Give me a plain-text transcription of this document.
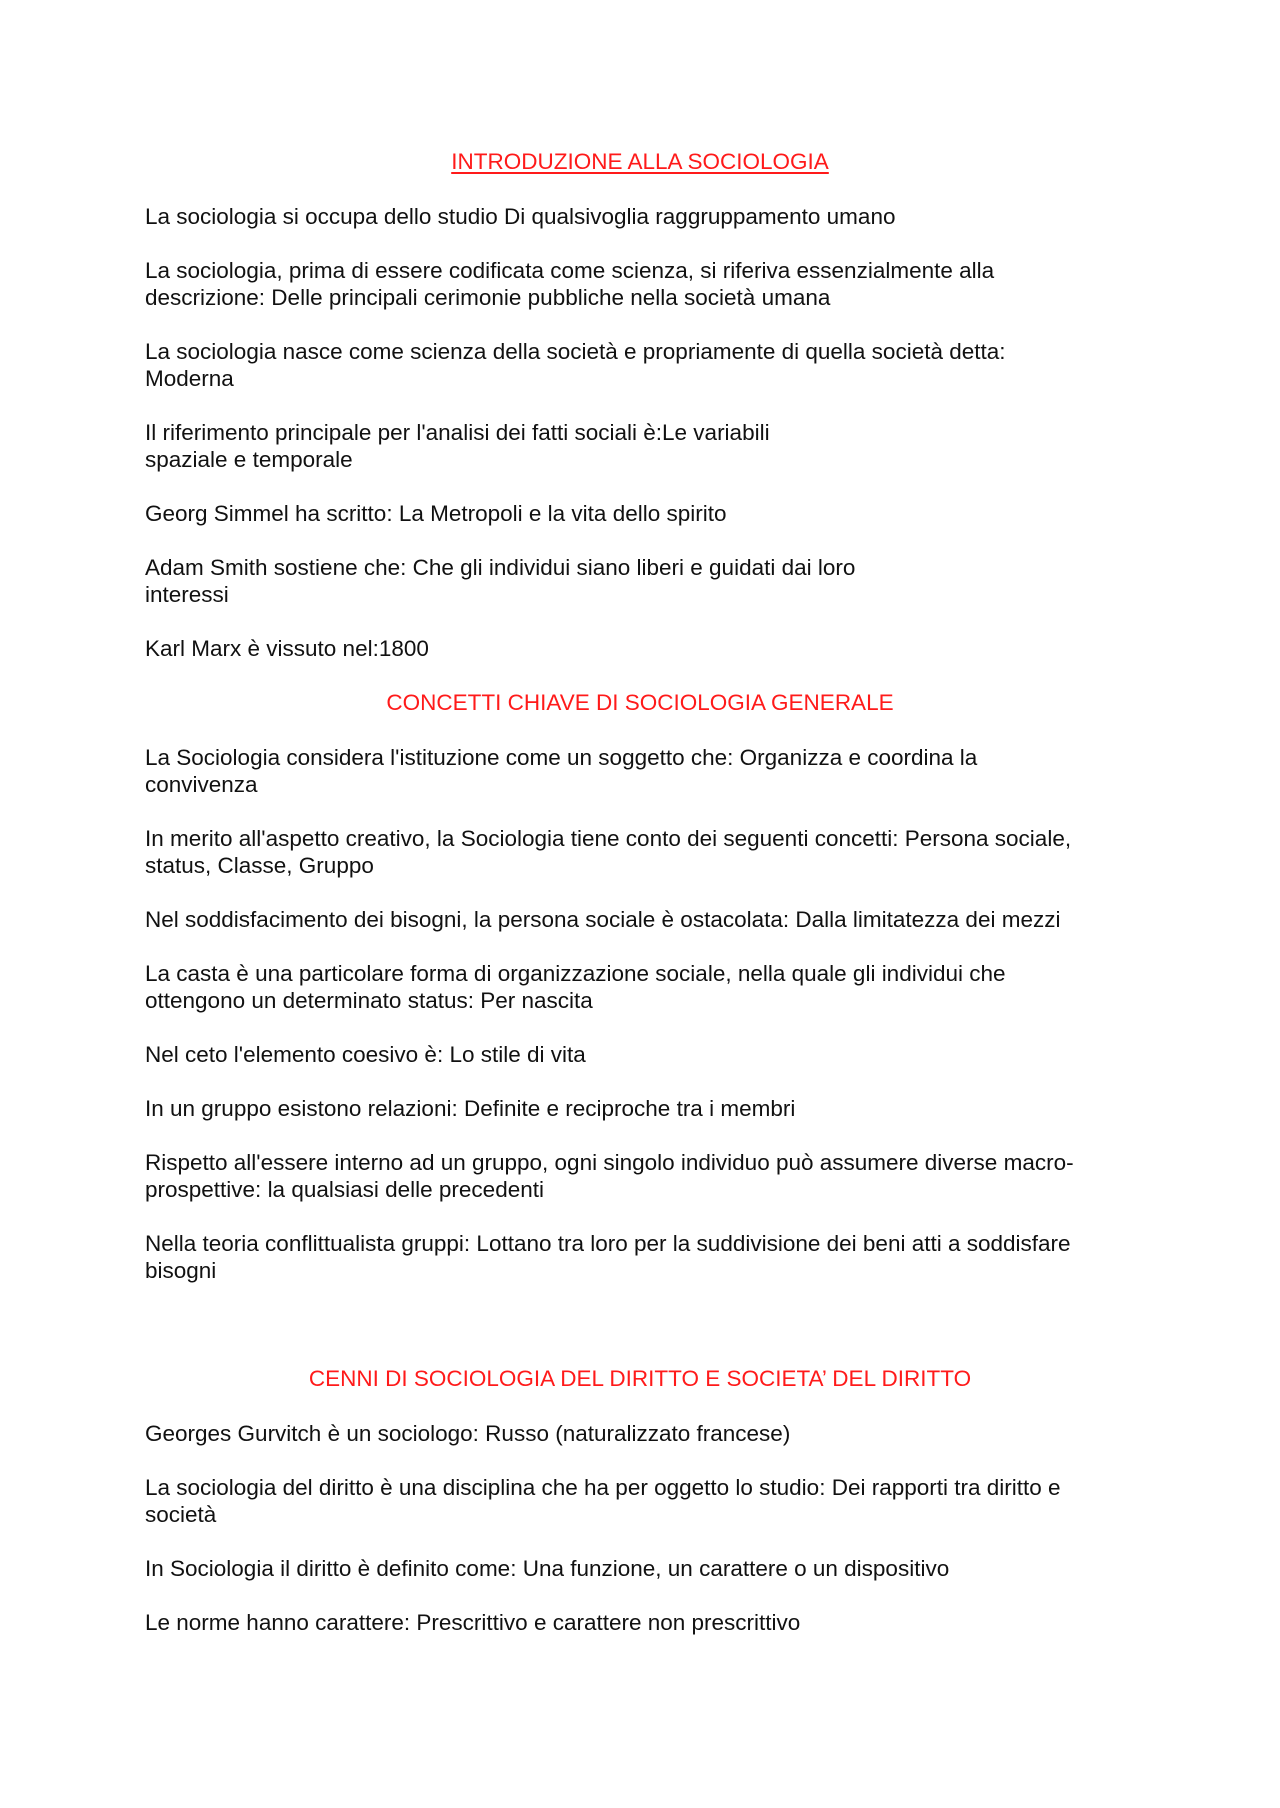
INTRODUZIONE ALLA SOCIOLOGIA

La sociologia si occupa dello studio Di qualsivoglia raggruppamento umano

La sociologia, prima di essere codificata come scienza, si riferiva essenzialmente alla
descrizione: Delle principali cerimonie pubbliche nella società umana

La sociologia nasce come scienza della società e propriamente di quella società detta:
Moderna

Il riferimento principale per l'analisi dei fatti sociali è:Le variabili
spaziale e temporale

Georg Simmel ha scritto: La Metropoli e la vita dello spirito

Adam Smith sostiene che: Che gli individui siano liberi e guidati dai loro
interessi

Karl Marx è vissuto nel:1800

CONCETTI CHIAVE DI SOCIOLOGIA GENERALE

La Sociologia considera l'istituzione come un soggetto che: Organizza e coordina la
convivenza

In merito all'aspetto creativo, la Sociologia tiene conto dei seguenti concetti: Persona sociale,
status, Classe, Gruppo

Nel soddisfacimento dei bisogni, la persona sociale è ostacolata: Dalla limitatezza dei mezzi

La casta è una particolare forma di organizzazione sociale, nella quale gli individui che
ottengono un determinato status: Per nascita

Nel ceto l'elemento coesivo è: Lo stile di vita

In un gruppo esistono relazioni: Definite e reciproche tra i membri

Rispetto all'essere interno ad un gruppo, ogni singolo individuo può assumere diverse macro-
prospettive: la qualsiasi delle precedenti

Nella teoria conflittualista gruppi: Lottano tra loro per la suddivisione dei beni atti a soddisfare
bisogni

CENNI DI SOCIOLOGIA DEL DIRITTO E SOCIETA’ DEL DIRITTO

Georges Gurvitch è un sociologo: Russo (naturalizzato francese)

La sociologia del diritto è una disciplina che ha per oggetto lo studio: Dei rapporti tra diritto e
società

In Sociologia il diritto è definito come: Una funzione, un carattere o un dispositivo

Le norme hanno carattere: Prescrittivo e carattere non prescrittivo
